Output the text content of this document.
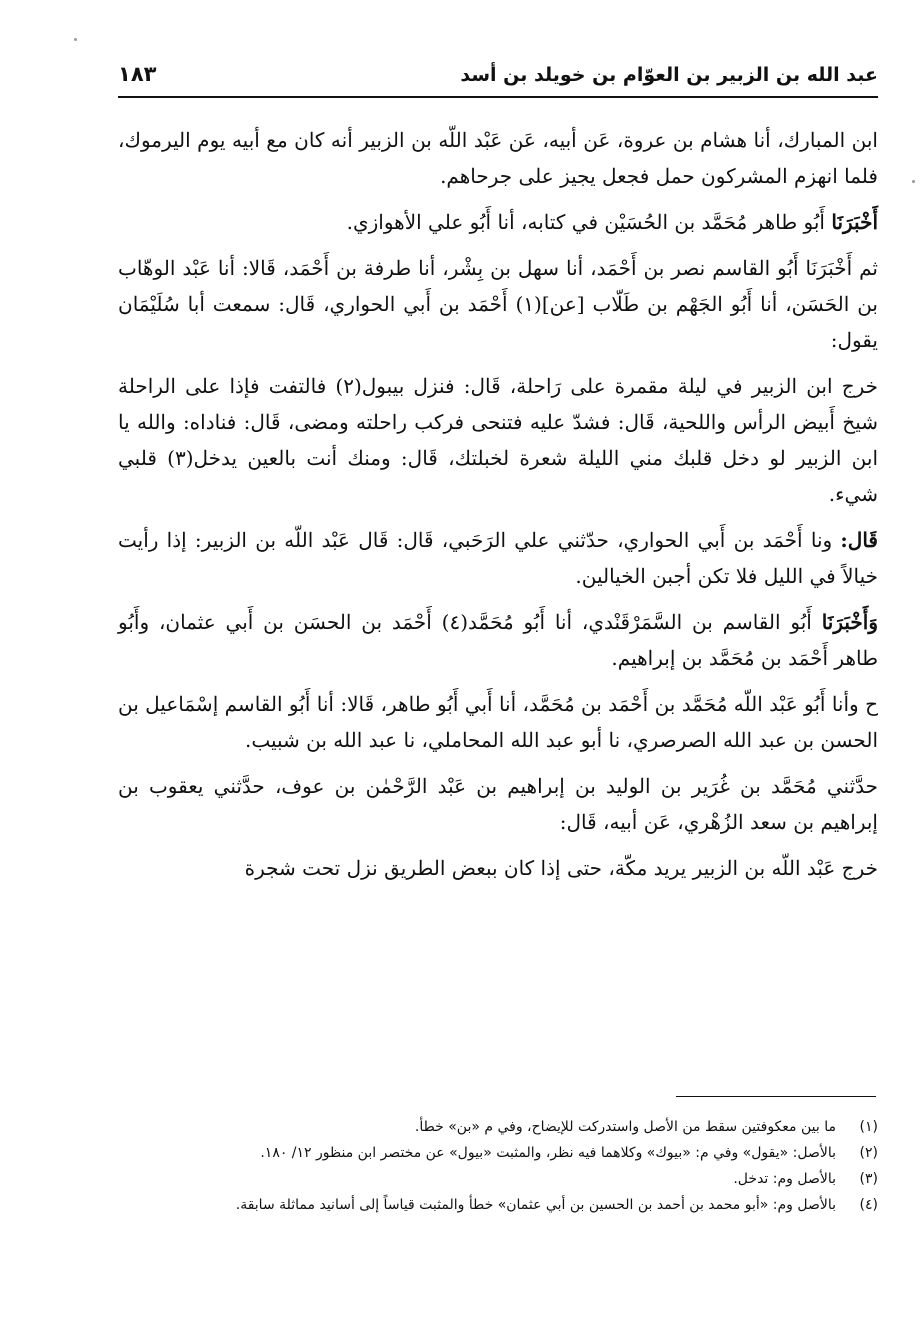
عبد الله بن الزبير بن العوّام بن خويلد بن أسد
١٨٣

ابن المبارك، أنا هشام بن عروة، عَن أبيه، عَن عَبْد اللّه بن الزبير أنه كان مع أبيه يوم اليرموك، فلما انهزم المشركون حمل فجعل يجيز على جرحاهم.

أَخْبَرَنَا أَبُو طاهر مُحَمَّد بن الحُسَيْن في كتابه، أنا أَبُو علي الأهوازي.

ثم أَخْبَرَنَا أَبُو القاسم نصر بن أَحْمَد، أنا سهل بن بِشْر، أنا طرفة بن أَحْمَد، قَالا: أنا عَبْد الوهّاب بن الحَسَن، أنا أَبُو الجَهْم بن طَلّاب [عن](١) أَحْمَد بن أَبي الحواري، قَال: سمعت أبا سُلَيْمَان يقول:

خرج ابن الزبير في ليلة مقمرة على رَاحلة، قَال: فنزل بيبول(٢) فالتفت فإذا على الراحلة شيخ أَبيض الرأس واللحية، قَال: فشدّ عليه فتنحى فركب راحلته ومضى، قَال: فناداه: والله يا ابن الزبير لو دخل قلبك مني الليلة شعرة لخبلتك، قَال: ومنك أنت بالعين يدخل(٣) قلبي شيء.

قَال: ونا أَحْمَد بن أَبي الحواري، حدّثني علي الرَحَبي، قَال: قَال عَبْد اللّه بن الزبير: إذا رأيت خيالاً في الليل فلا تكن أجبن الخيالين.

وَأَخْبَرَنَا أَبُو القاسم بن السَّمَرْقَنْدي، أنا أَبُو مُحَمَّد(٤) أَحْمَد بن الحسَن بن أَبي عثمان، وأَبُو طاهر أَحْمَد بن مُحَمَّد بن إبراهيم.

ح وأنا أَبُو عَبْد اللّه مُحَمَّد بن أَحْمَد بن مُحَمَّد، أنا أَبي أَبُو طاهر، قَالا: أنا أَبُو القاسم إسْمَاعيل بن الحسن بن عبد الله الصرصري، نا أبو عبد الله المحاملي، نا عبد الله بن شبيب.

حدَّثني مُحَمَّد بن غُرَير بن الوليد بن إبراهيم بن عَبْد الرَّحْمٰن بن عوف، حدَّثني يعقوب بن إبراهيم بن سعد الزُهْري، عَن أبيه، قَال:

خرج عَبْد اللّه بن الزبير يريد مكّة، حتى إذا كان ببعض الطريق نزل تحت شجرة

(١)
ما بين معكوفتين سقط من الأصل واستدركت للإيضاح، وفي م «بن» خطأ.
(٢)
بالأصل: «يقول» وفي م: «بيوك» وكلاهما فيه نظر، والمثبت «بيول» عن مختصر ابن منظور ١٢/ ١٨٠.
(٣)
بالأصل وم: تدخل.
(٤)
بالأصل وم: «أبو محمد بن أحمد بن الحسين بن أبي عثمان» خطأ والمثبت قياساً إلى أسانيد مماثلة سابقة.
